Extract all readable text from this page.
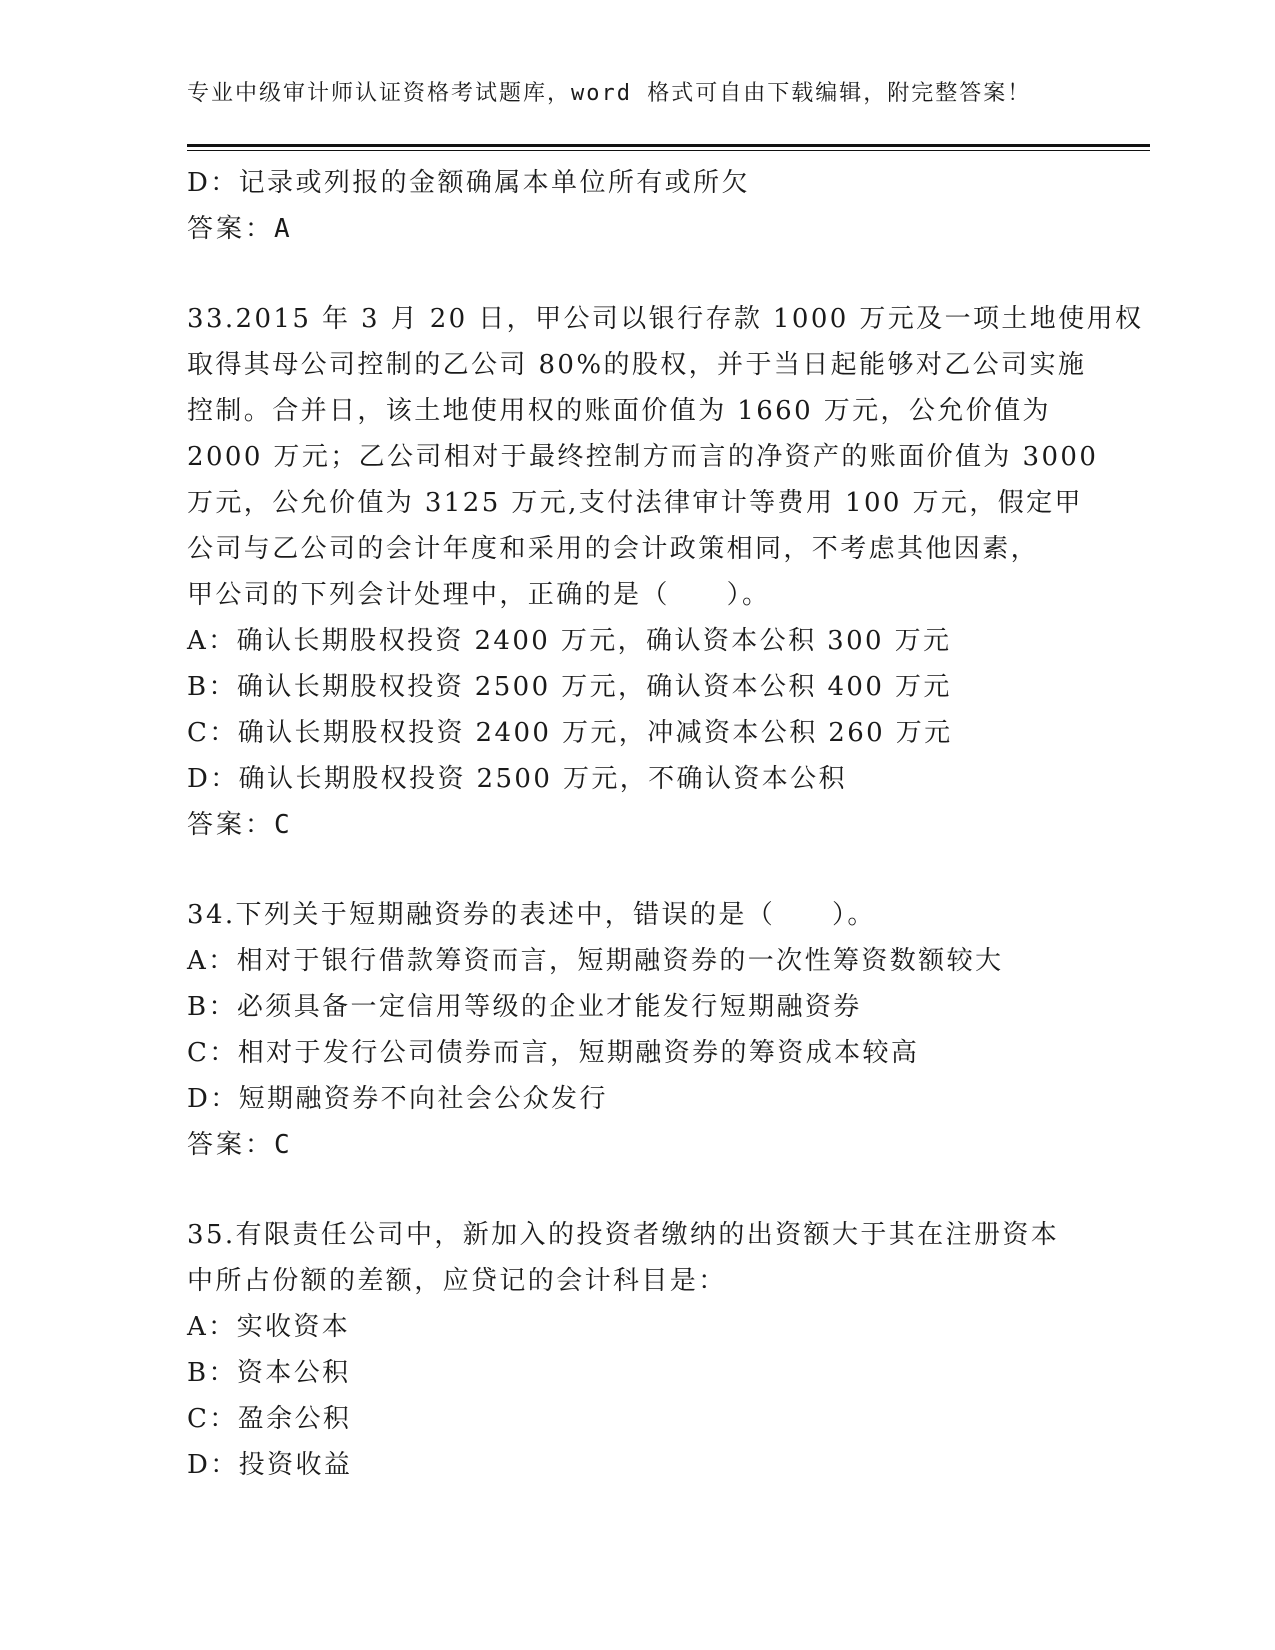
专业中级审计师认证资格考试题库，word 格式可自由下载编辑，附完整答案！
D：记录或列报的金额确属本单位所有或所欠
答案：A
33.2015 年 3 月 20 日，甲公司以银行存款 1000 万元及一项土地使用权
取得其母公司控制的乙公司 80%的股权，并于当日起能够对乙公司实施
控制。合并日，该土地使用权的账面价值为 1660 万元，公允价值为
2000 万元；乙公司相对于最终控制方而言的净资产的账面价值为 3000
万元，公允价值为 3125 万元,支付法律审计等费用 100 万元，假定甲
公司与乙公司的会计年度和采用的会计政策相同，不考虑其他因素，
甲公司的下列会计处理中，正确的是（　　）。
A：确认长期股权投资 2400 万元，确认资本公积 300 万元
B：确认长期股权投资 2500 万元，确认资本公积 400 万元
C：确认长期股权投资 2400 万元，冲减资本公积 260 万元
D：确认长期股权投资 2500 万元，不确认资本公积
答案：C
34.下列关于短期融资券的表述中，错误的是（　　）。
A：相对于银行借款筹资而言，短期融资券的一次性筹资数额较大
B：必须具备一定信用等级的企业才能发行短期融资券
C：相对于发行公司债券而言，短期融资券的筹资成本较高
D：短期融资券不向社会公众发行
答案：C
35.有限责任公司中，新加入的投资者缴纳的出资额大于其在注册资本
中所占份额的差额，应贷记的会计科目是：
A：实收资本
B：资本公积
C：盈余公积
D：投资收益
